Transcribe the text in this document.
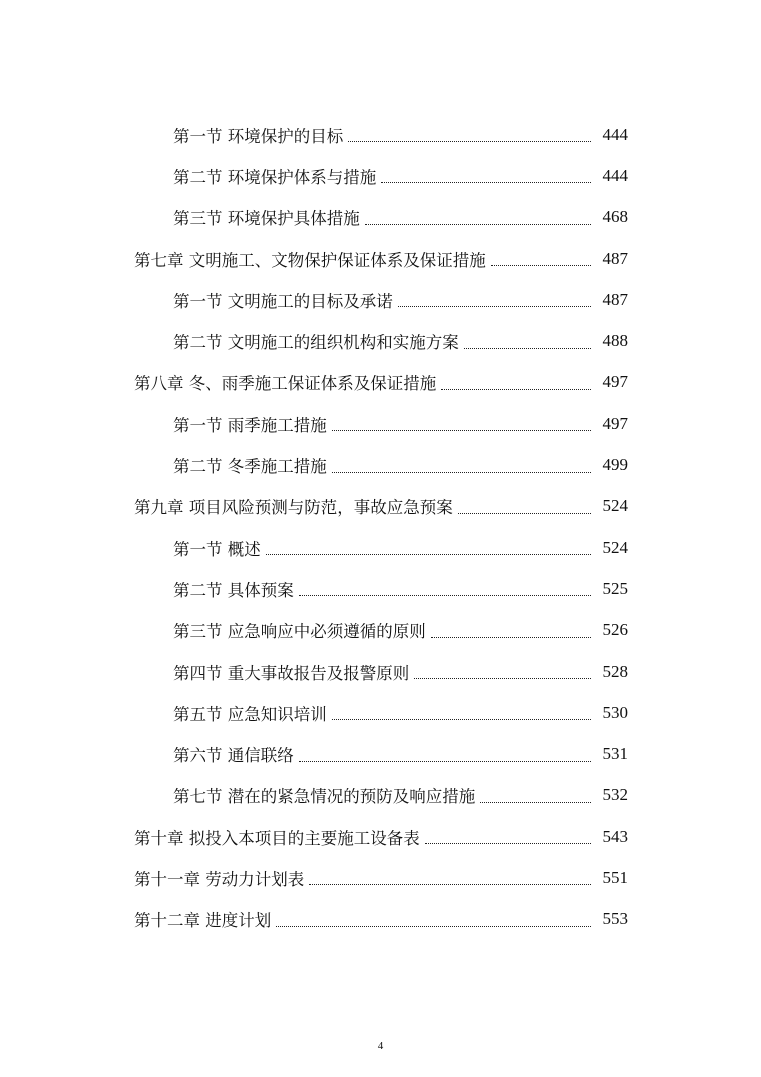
第一节 环境保护的目标	444
第二节 环境保护体系与措施	444
第三节 环境保护具体措施	468
第七章 文明施工、文物保护保证体系及保证措施	487
第一节 文明施工的目标及承诺	487
第二节 文明施工的组织机构和实施方案	488
第八章 冬、雨季施工保证体系及保证措施	497
第一节 雨季施工措施	497
第二节 冬季施工措施	499
第九章 项目风险预测与防范，事故应急预案	524
第一节 概述	524
第二节 具体预案	525
第三节 应急响应中必须遵循的原则	526
第四节 重大事故报告及报警原则	528
第五节 应急知识培训	530
第六节 通信联络	531
第七节 潜在的紧急情况的预防及响应措施	532
第十章 拟投入本项目的主要施工设备表	543
第十一章 劳动力计划表	551
第十二章 进度计划	553
4
